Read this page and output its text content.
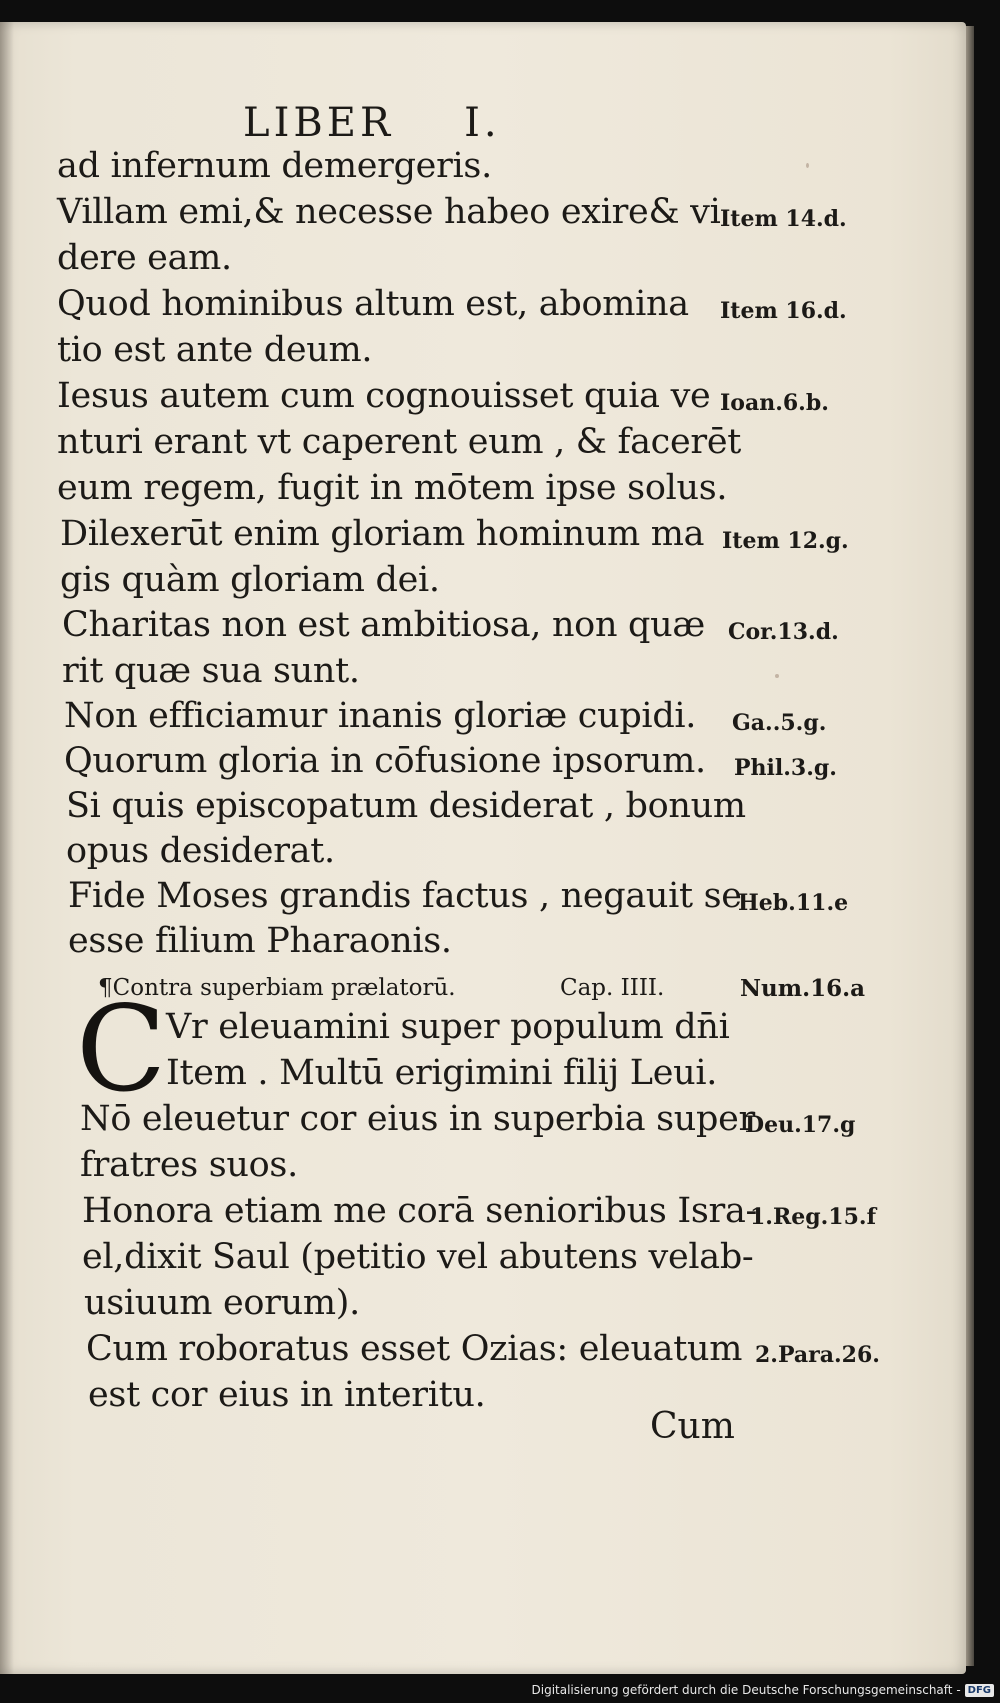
LIBER I.
ad infernum demergeris.
Villam emi,& necesse habeo exire& vi
dere eam.
Quod hominibus altum est, abomina
tio est ante deum.
Iesus autem cum cognouisset quia ve
nturi erant vt caperent eum , & facerēt
eum regem, fugit in mōtem ipse solus.
Dilexerūt enim gloriam hominum ma
gis quàm gloriam dei.
Charitas non est ambitiosa, non quæ
rit quæ sua sunt.
Non efficiamur inanis gloriæ cupidi.
Quorum gloria in cōfusione ipsorum.
Si quis episcopatum desiderat , bonum
opus desiderat.
Fide Moses grandis factus , negauit se
esse filium Pharaonis.
Item 14.d.
Item 16.d.
Ioan.6.b.
Item 12.g.
Cor.13.d.
Ga..5.g.
Phil.3.g.
Heb.11.e
¶Contra superbiam prælatorū.	Cap. IIII.	Num.16.a
C Vr eleuamini super populum dn̄i
Item . Multū erigimini filij Leui.
Nō eleuetur cor eius in superbia super
fratres suos.
Honora etiam me corā senioribus Isra-
el,dixit Saul (petitio vel abutens velab-
usiuum eorum).
Cum roboratus esset Ozias: eleuatum
est cor eius in interitu.
Deu.17.g
1.Reg.15.f
2.Para.26.
Cum
Digitalisierung gefördert durch die Deutsche Forschungsgemeinschaft - DFG
